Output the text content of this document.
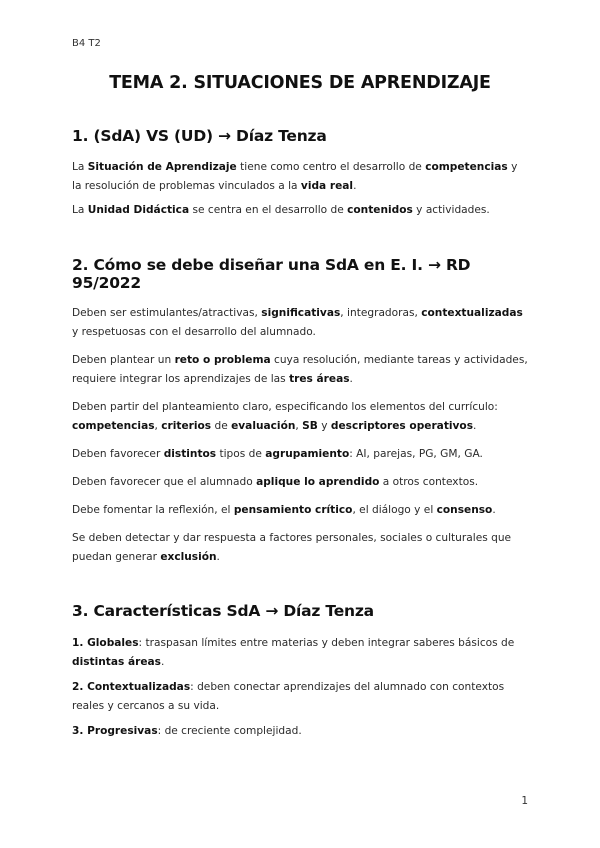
B4 T2
TEMA 2. SITUACIONES DE APRENDIZAJE
1. (SdA) VS (UD) → Díaz Tenza

La Situación de Aprendizaje tiene como centro el desarrollo de competencias y la resolución de problemas vinculados a la vida real.

La Unidad Didáctica se centra en el desarrollo de contenidos y actividades.

2. Cómo se debe diseñar una SdA en E. I. → RD 95/2022

Deben ser estimulantes/atractivas, significativas, integradoras, contextualizadas y respetuosas con el desarrollo del alumnado.

Deben plantear un reto o problema cuya resolución, mediante tareas y actividades, requiere integrar los aprendizajes de las tres áreas.

Deben partir del planteamiento claro, especificando los elementos del currículo: competencias, criterios de evaluación, SB y descriptores operativos.

Deben favorecer distintos tipos de agrupamiento: AI, parejas, PG, GM, GA.

Deben favorecer que el alumnado aplique lo aprendido a otros contextos.

Debe fomentar la reflexión, el pensamiento crítico, el diálogo y el consenso.

Se deben detectar y dar respuesta a factores personales, sociales o culturales que puedan generar exclusión.

3. Características SdA → Díaz Tenza

1. Globales: traspasan límites entre materias y deben integrar saberes básicos de distintas áreas.

2. Contextualizadas: deben conectar aprendizajes del alumnado con contextos reales y cercanos a su vida.

3. Progresivas: de creciente complejidad.

1
